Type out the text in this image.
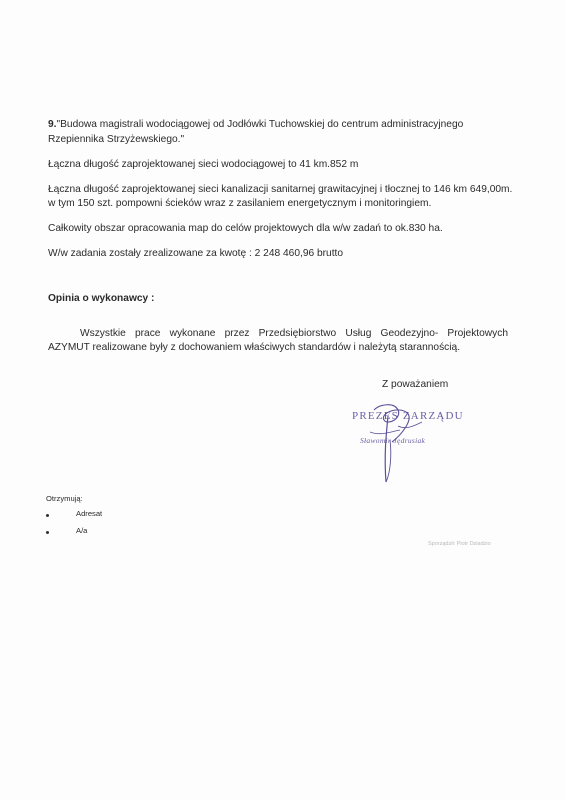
9."Budowa magistrali wodociągowej od Jodłówki Tuchowskiej do centrum administracyjnego
Rzepiennika Strzyżewskiego."
Łączna długość zaprojektowanej sieci wodociągowej to 41 km.852 m
Łączna długość zaprojektowanej sieci kanalizacji sanitarnej grawitacyjnej i tłocznej to 146 km 649,00m.
w tym 150 szt. pompowni ścieków wraz z zasilaniem energetycznym i monitoringiem.
Całkowity obszar opracowania map do celów projektowych dla w/w zadań to ok.830 ha.
W/w zadania zostały zrealizowane za kwotę : 2 248 460,96 brutto
Opinia o wykonawcy :
Wszystkie prace wykonane przez Przedsiębiorstwo Usług Geodezyjno- Projektowych
AZYMUT realizowane były z dochowaniem właściwych standardów i należytą starannością.
Z poważaniem
PREZES ZARZĄDU
Sławomir Jędrusiak
Otrzymują:
Adresat
A/a
Sporządził: Piotr Dziadzio
